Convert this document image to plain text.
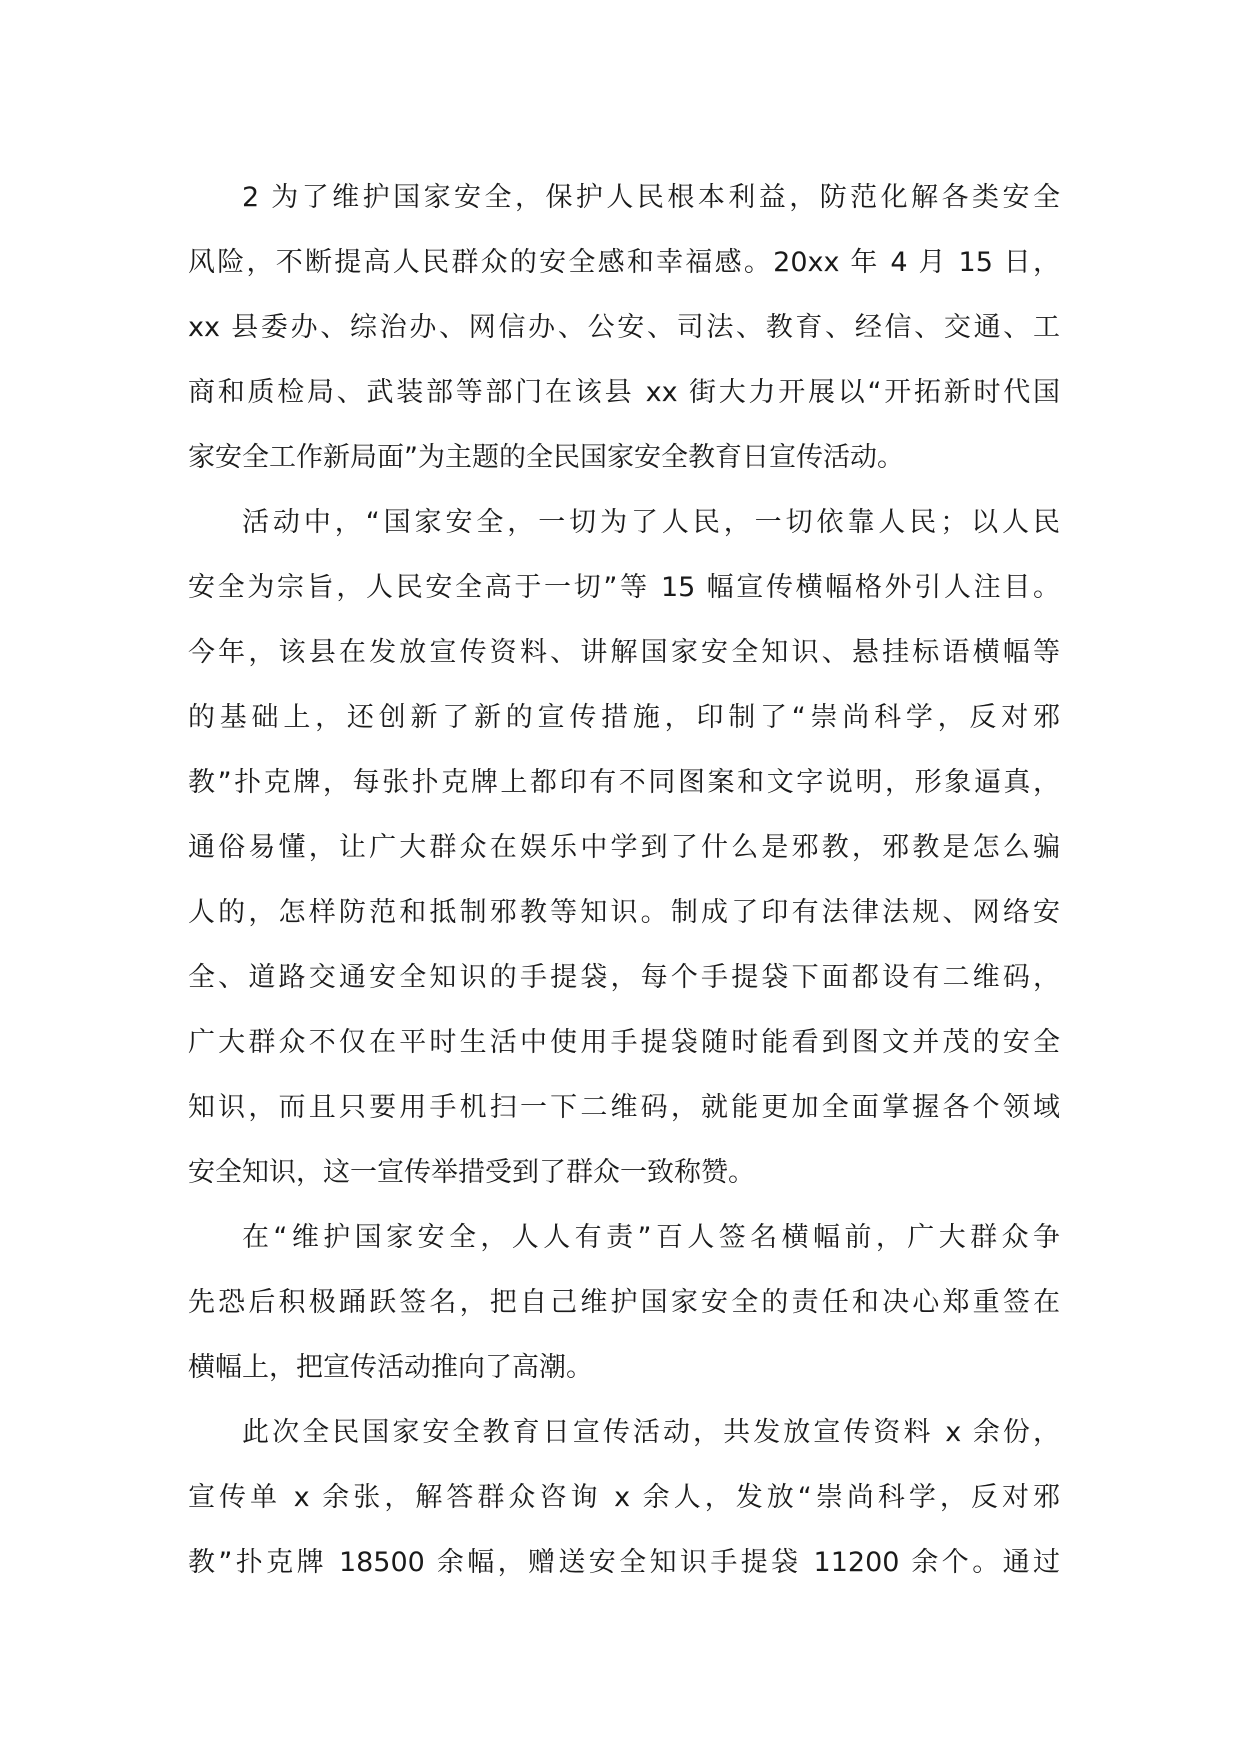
2 为了维护国家安全，保护人民根本利益，防范化解各类安全
风险，不断提高人民群众的安全感和幸福感。20xx 年 4 月 15 日，
xx 县委办、综治办、网信办、公安、司法、教育、经信、交通、工
商和质检局、武装部等部门在该县 xx 街大力开展以“开拓新时代国
家安全工作新局面”为主题的全民国家安全教育日宣传活动。
活动中，“国家安全，一切为了人民，一切依靠人民；以人民
安全为宗旨，人民安全高于一切”等 15 幅宣传横幅格外引人注目。
今年，该县在发放宣传资料、讲解国家安全知识、悬挂标语横幅等
的基础上，还创新了新的宣传措施，印制了“崇尚科学，反对邪
教”扑克牌，每张扑克牌上都印有不同图案和文字说明，形象逼真，
通俗易懂，让广大群众在娱乐中学到了什么是邪教，邪教是怎么骗
人的，怎样防范和抵制邪教等知识。制成了印有法律法规、网络安
全、道路交通安全知识的手提袋，每个手提袋下面都设有二维码，
广大群众不仅在平时生活中使用手提袋随时能看到图文并茂的安全
知识，而且只要用手机扫一下二维码，就能更加全面掌握各个领域
安全知识，这一宣传举措受到了群众一致称赞。
在“维护国家安全，人人有责”百人签名横幅前，广大群众争
先恐后积极踊跃签名，把自己维护国家安全的责任和决心郑重签在
横幅上，把宣传活动推向了高潮。
此次全民国家安全教育日宣传活动，共发放宣传资料 x 余份，
宣传单 x 余张，解答群众咨询 x 余人，发放“崇尚科学，反对邪
教”扑克牌 18500 余幅，赠送安全知识手提袋 11200 余个。通过
